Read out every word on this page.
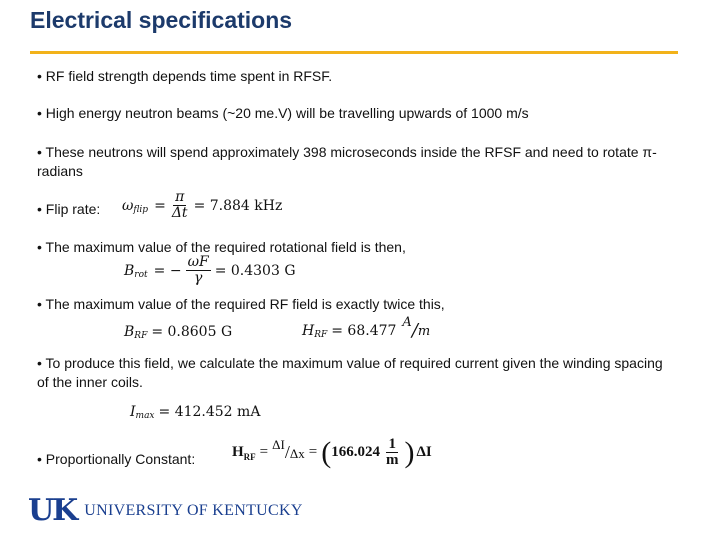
Electrical specifications
• RF field strength depends time spent in RFSF.
• High energy neutron beams (~20 me.V) will be travelling upwards of 1000 m/s
• These neutrons will spend approximately 398 microseconds inside the RFSF and need to rotate π-radians
• Flip rate: ω flip = $\frac{\pi}{\Delta t} = 7.884$ kHz
• The maximum value of the required rotational field is then,
B rot = − $\frac{\omega F}{\gamma} = 0.4303$ G
• The maximum value of the required RF field is exactly twice this,
B RF = 0.8605 G	H RF = 68.477 A / m
• To produce this field, we calculate the maximum value of required current given the winding spacing of the inner coils.
I max = 412.452 mA
• Proportionally Constant: H RF = ΔI / Δx = ( $166.024 \frac{1}{m}$ ) ΔI
UK
1865
UNIVERSITY OF KENTUCKY
